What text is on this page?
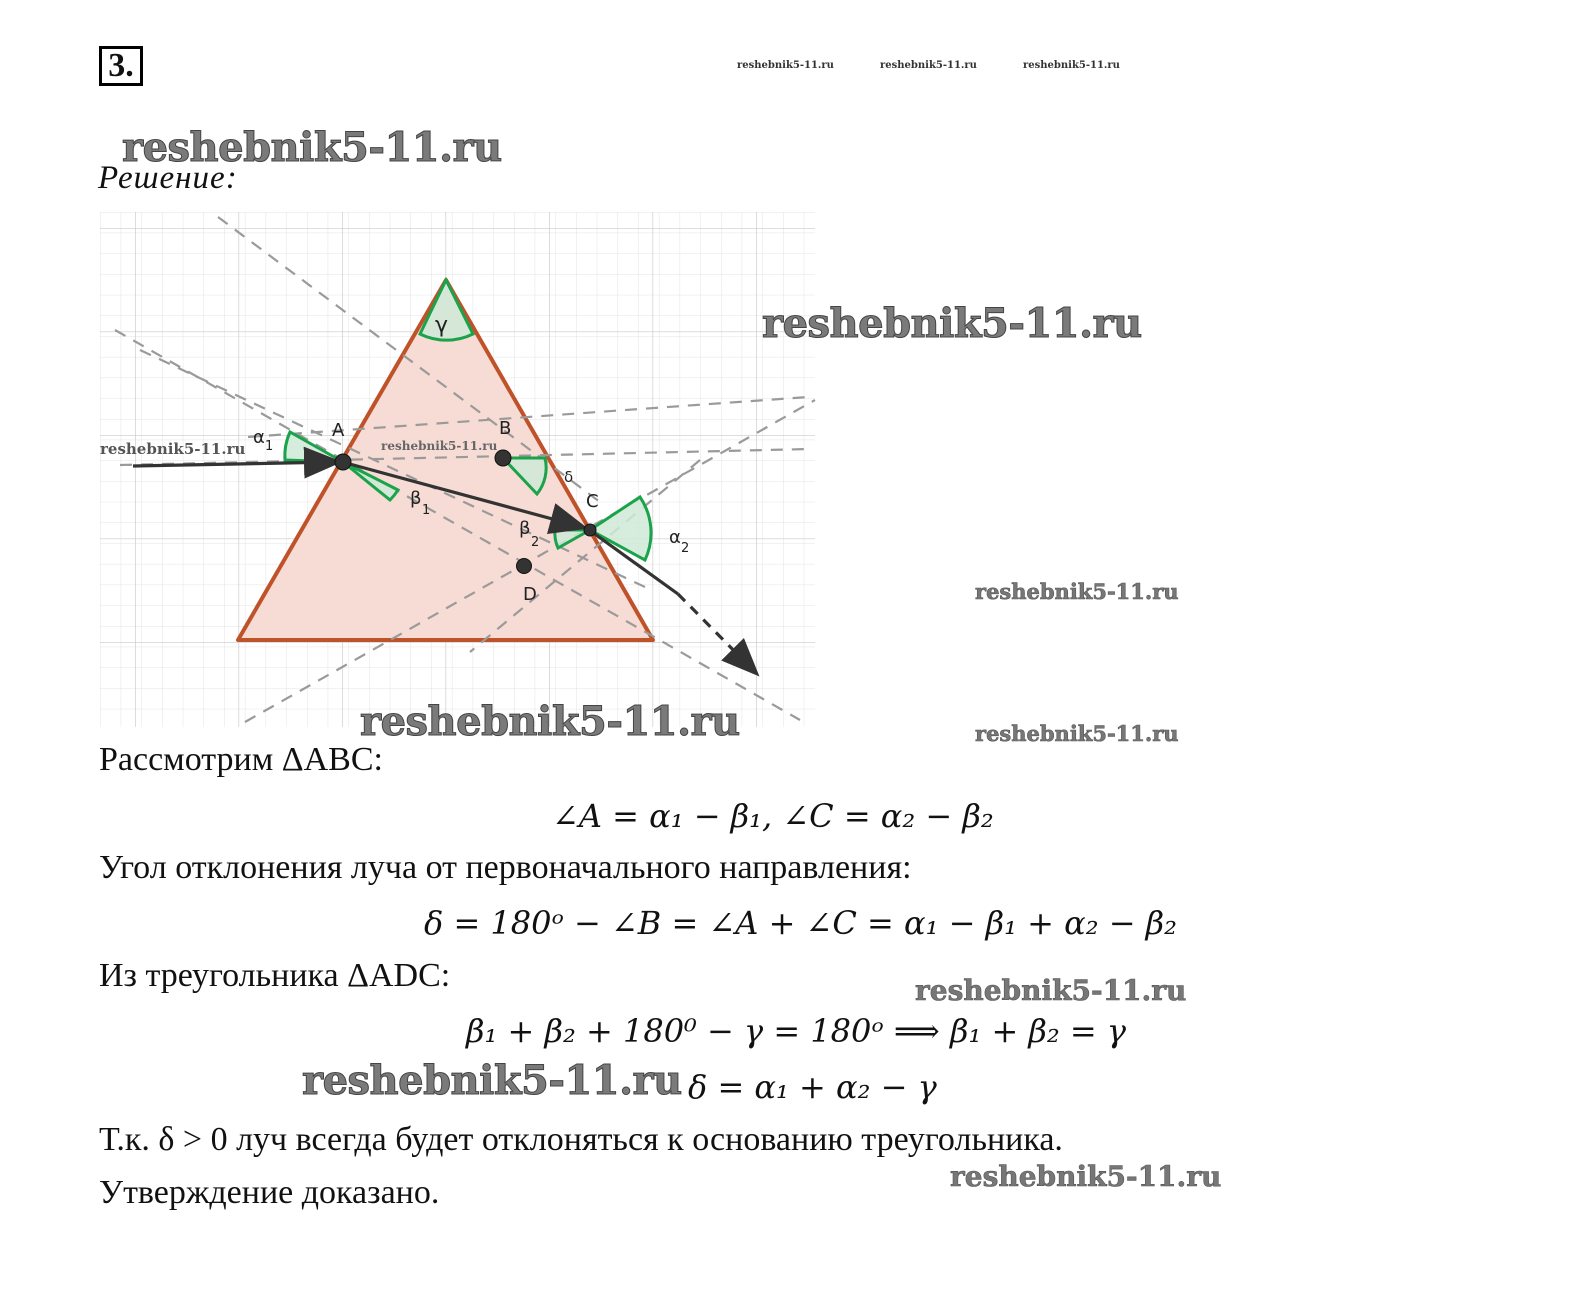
3.	reshebnik5-11.ru	reshebnik5-11.ru	reshebnik5-11.ru
reshebnik5-11.ru
Решение:
A	B
C
D
γ
α 1
β
1
δ
β
2	α
2
reshebnik5-11.ru	reshebnik5-11.ru
reshebnik5-11.ru
reshebnik5-11.ru
reshebnik5-11.ru	reshebnik5-11.ru
Рассмотрим ΔABC:
∠A = α₁ − β₁, ∠C = α₂ − β₂
Угол отклонения луча от первоначального направления:
δ = 180ᵒ − ∠B = ∠A + ∠C = α₁ − β₁ + α₂ − β₂
Из треугольника ΔADC:	reshebnik5-11.ru
β₁ + β₂ + 180⁰ − γ = 180ᵒ ⟹ β₁ + β₂ = γ
reshebnik5-11.ru δ = α₁ + α₂ − γ
Т.к. δ > 0 луч всегда будет отклоняться к основанию треугольника.
reshebnik5-11.ru
Утверждение доказано.
